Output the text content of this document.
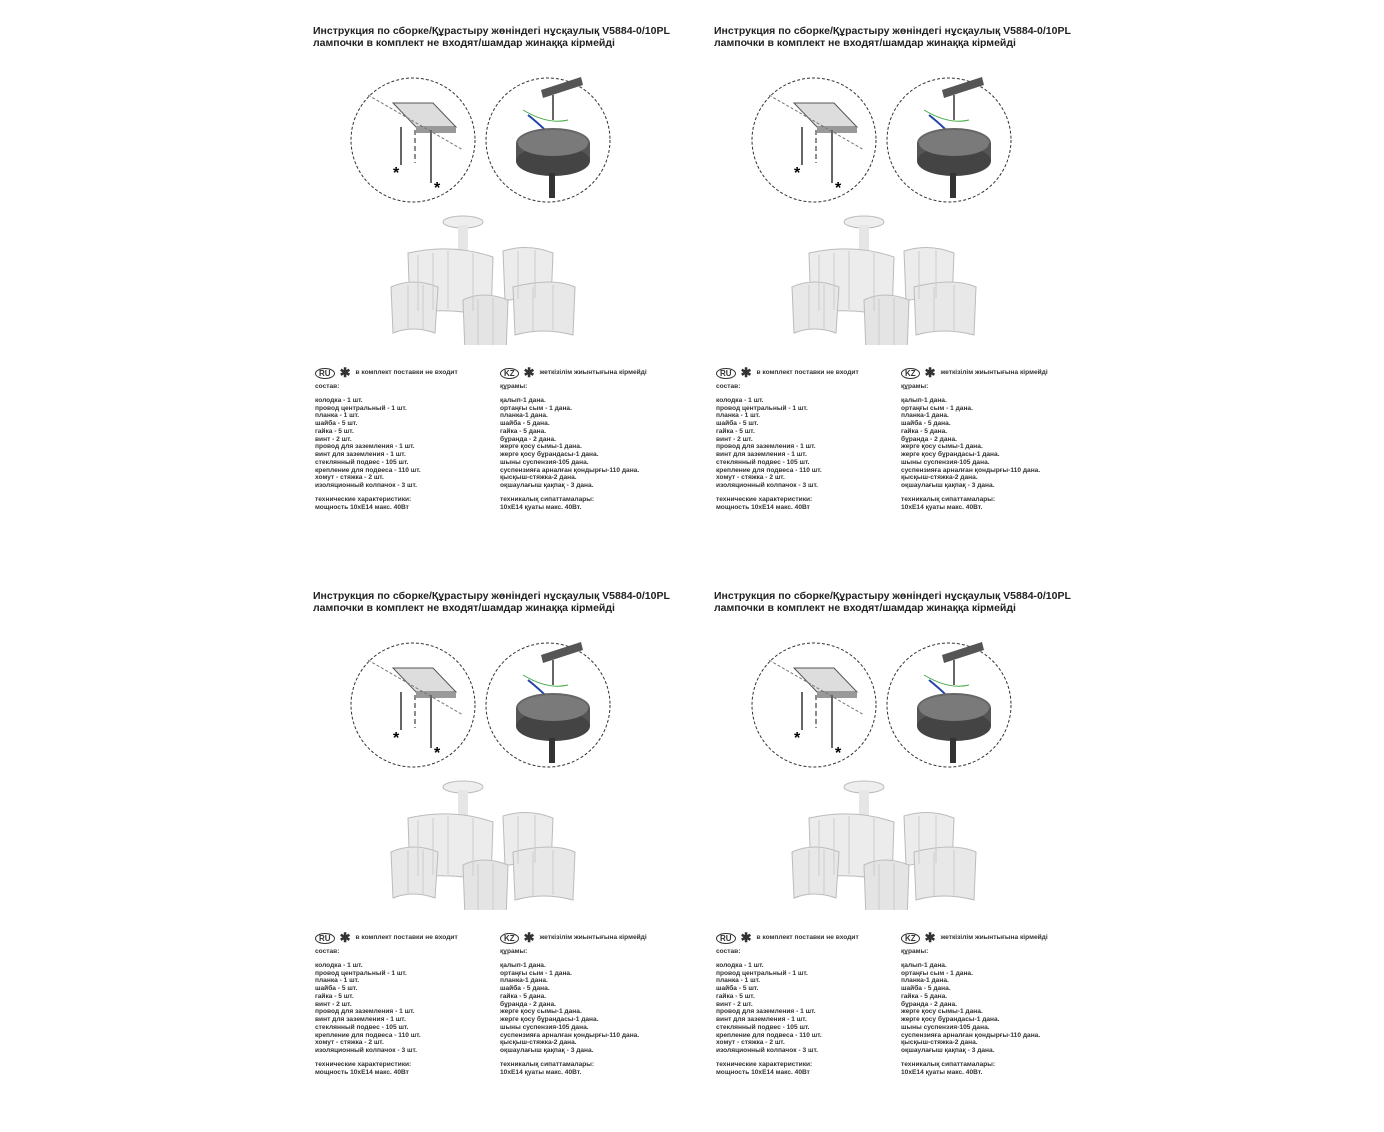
Инструкция по сборке/Құрастыру жөніндегі нұсқаулық V5884-0/10PL
лампочки в комплект не входят/шамдар жинаққа кірмейді
*
*
RU ✱ в комплект поставки не входит
состав:
колодка - 1 шт.
провод центральный - 1 шт.
планка - 1 шт.
шайба - 5 шт.
гайка - 5 шт.
винт - 2 шт.
провод для заземления - 1 шт.
винт для заземления - 1 шт.
стеклянный подвес - 105 шт.
крепление для подвеса - 110 шт.
хомут - стяжка - 2 шт.
изоляционный колпачок - 3 шт.
технические характеристики:
мощность 10хЕ14 макс. 40Вт
KZ ✱ жеткізілім жиынтығына кірмейді
құрамы:
қалып-1 дана.
ортаңғы сым - 1 дана.
планка-1 дана.
шайба - 5 дана.
гайка - 5 дана.
бұранда - 2 дана.
жерге қосу сымы-1 дана.
жерге қосу бұрандасы-1 дана.
шыны суспензия-105 дана.
суспензияға арналған қондырғы-110 дана.
қысқыш-стяжка-2 дана.
оқшаулағыш қақпақ - 3 дана.
техникалық сипаттамалары:
10хЕ14 қуаты макс. 40Вт.
Инструкция по сборке/Құрастыру жөніндегі нұсқаулық V5884-0/10PL
лампочки в комплект не входят/шамдар жинаққа кірмейді
*
*
RU ✱ в комплект поставки не входит
состав:
колодка - 1 шт.
провод центральный - 1 шт.
планка - 1 шт.
шайба - 5 шт.
гайка - 5 шт.
винт - 2 шт.
провод для заземления - 1 шт.
винт для заземления - 1 шт.
стеклянный подвес - 105 шт.
крепление для подвеса - 110 шт.
хомут - стяжка - 2 шт.
изоляционный колпачок - 3 шт.
технические характеристики:
мощность 10хЕ14 макс. 40Вт
KZ ✱ жеткізілім жиынтығына кірмейді
құрамы:
қалып-1 дана.
ортаңғы сым - 1 дана.
планка-1 дана.
шайба - 5 дана.
гайка - 5 дана.
бұранда - 2 дана.
жерге қосу сымы-1 дана.
жерге қосу бұрандасы-1 дана.
шыны суспензия-105 дана.
суспензияға арналған қондырғы-110 дана.
қысқыш-стяжка-2 дана.
оқшаулағыш қақпақ - 3 дана.
техникалық сипаттамалары:
10хЕ14 қуаты макс. 40Вт.
Инструкция по сборке/Құрастыру жөніндегі нұсқаулық V5884-0/10PL
лампочки в комплект не входят/шамдар жинаққа кірмейді
*
*
RU ✱ в комплект поставки не входит
состав:
колодка - 1 шт.
провод центральный - 1 шт.
планка - 1 шт.
шайба - 5 шт.
гайка - 5 шт.
винт - 2 шт.
провод для заземления - 1 шт.
винт для заземления - 1 шт.
стеклянный подвес - 105 шт.
крепление для подвеса - 110 шт.
хомут - стяжка - 2 шт.
изоляционный колпачок - 3 шт.
технические характеристики:
мощность 10хЕ14 макс. 40Вт
KZ ✱ жеткізілім жиынтығына кірмейді
құрамы:
қалып-1 дана.
ортаңғы сым - 1 дана.
планка-1 дана.
шайба - 5 дана.
гайка - 5 дана.
бұранда - 2 дана.
жерге қосу сымы-1 дана.
жерге қосу бұрандасы-1 дана.
шыны суспензия-105 дана.
суспензияға арналған қондырғы-110 дана.
қысқыш-стяжка-2 дана.
оқшаулағыш қақпақ - 3 дана.
техникалық сипаттамалары:
10хЕ14 қуаты макс. 40Вт.
Инструкция по сборке/Құрастыру жөніндегі нұсқаулық V5884-0/10PL
лампочки в комплект не входят/шамдар жинаққа кірмейді
*
*
RU ✱ в комплект поставки не входит
состав:
колодка - 1 шт.
провод центральный - 1 шт.
планка - 1 шт.
шайба - 5 шт.
гайка - 5 шт.
винт - 2 шт.
провод для заземления - 1 шт.
винт для заземления - 1 шт.
стеклянный подвес - 105 шт.
крепление для подвеса - 110 шт.
хомут - стяжка - 2 шт.
изоляционный колпачок - 3 шт.
технические характеристики:
мощность 10хЕ14 макс. 40Вт
KZ ✱ жеткізілім жиынтығына кірмейді
құрамы:
қалып-1 дана.
ортаңғы сым - 1 дана.
планка-1 дана.
шайба - 5 дана.
гайка - 5 дана.
бұранда - 2 дана.
жерге қосу сымы-1 дана.
жерге қосу бұрандасы-1 дана.
шыны суспензия-105 дана.
суспензияға арналған қондырғы-110 дана.
қысқыш-стяжка-2 дана.
оқшаулағыш қақпақ - 3 дана.
техникалық сипаттамалары:
10хЕ14 қуаты макс. 40Вт.
